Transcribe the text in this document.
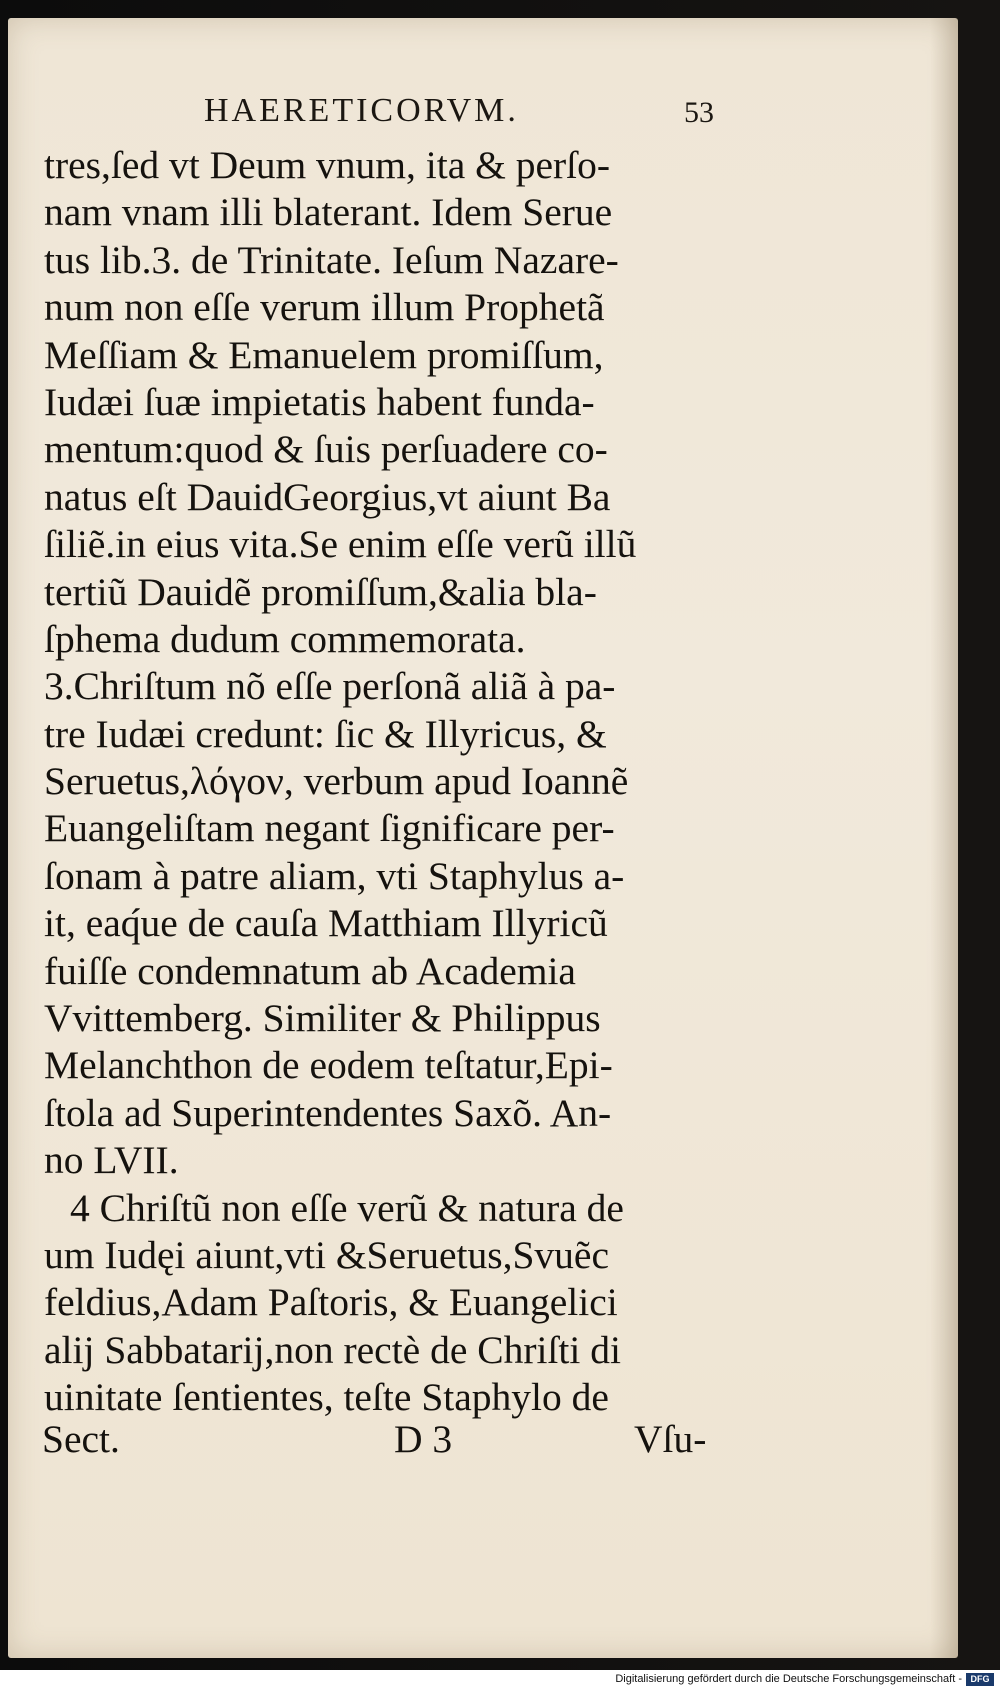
HAERETICORVM.	53
tres,ſed vt Deum vnum, ita & perſo-
nam vnam illi blaterant. Idem Serue
tus lib.3. de Trinitate. Ieſum Nazare-
num non eſſe verum illum Prophetã
Meſſiam & Emanuelem promiſſum,
Iudæi ſuæ impietatis habent funda-
mentum:quod & ſuis perſuadere co-
natus eſt DauidGeorgius,vt aiunt Ba
ſiliẽ.in eius vita.Se enim eſſe verũ illũ
tertiũ Dauidẽ promiſſum,&alia bla-
ſphema dudum commemorata.
3.Chriſtum nõ eſſe perſonã aliã à pa-
tre Iudæi credunt: ſic & Illyricus, &
Seruetus,λόγον, verbum apud Ioannẽ
Euangeliſtam negant ſignificare per-
ſonam à patre aliam, vti Staphylus a-
it, eaq́ue de cauſa Matthiam Illyricũ
fuiſſe condemnatum ab Academia
Vvittemberg. Similiter & Philippus
Melanchthon de eodem teſtatur,Epi-
ſtola ad Superintendentes Saxõ. An-
no LVII.
4 Chriſtũ non eſſe verũ & natura de
um Iudęi aiunt,vti &Seruetus,Svuẽc
feldius,Adam Paſtoris, & Euangelici
alij Sabbatarij,non rectè de Chriſti di
uinitate ſentientes, teſte Staphylo de
Sect.	D 3	Vſu-
Digitalisierung gefördert durch die Deutsche Forschungsgemeinschaft - DFG
